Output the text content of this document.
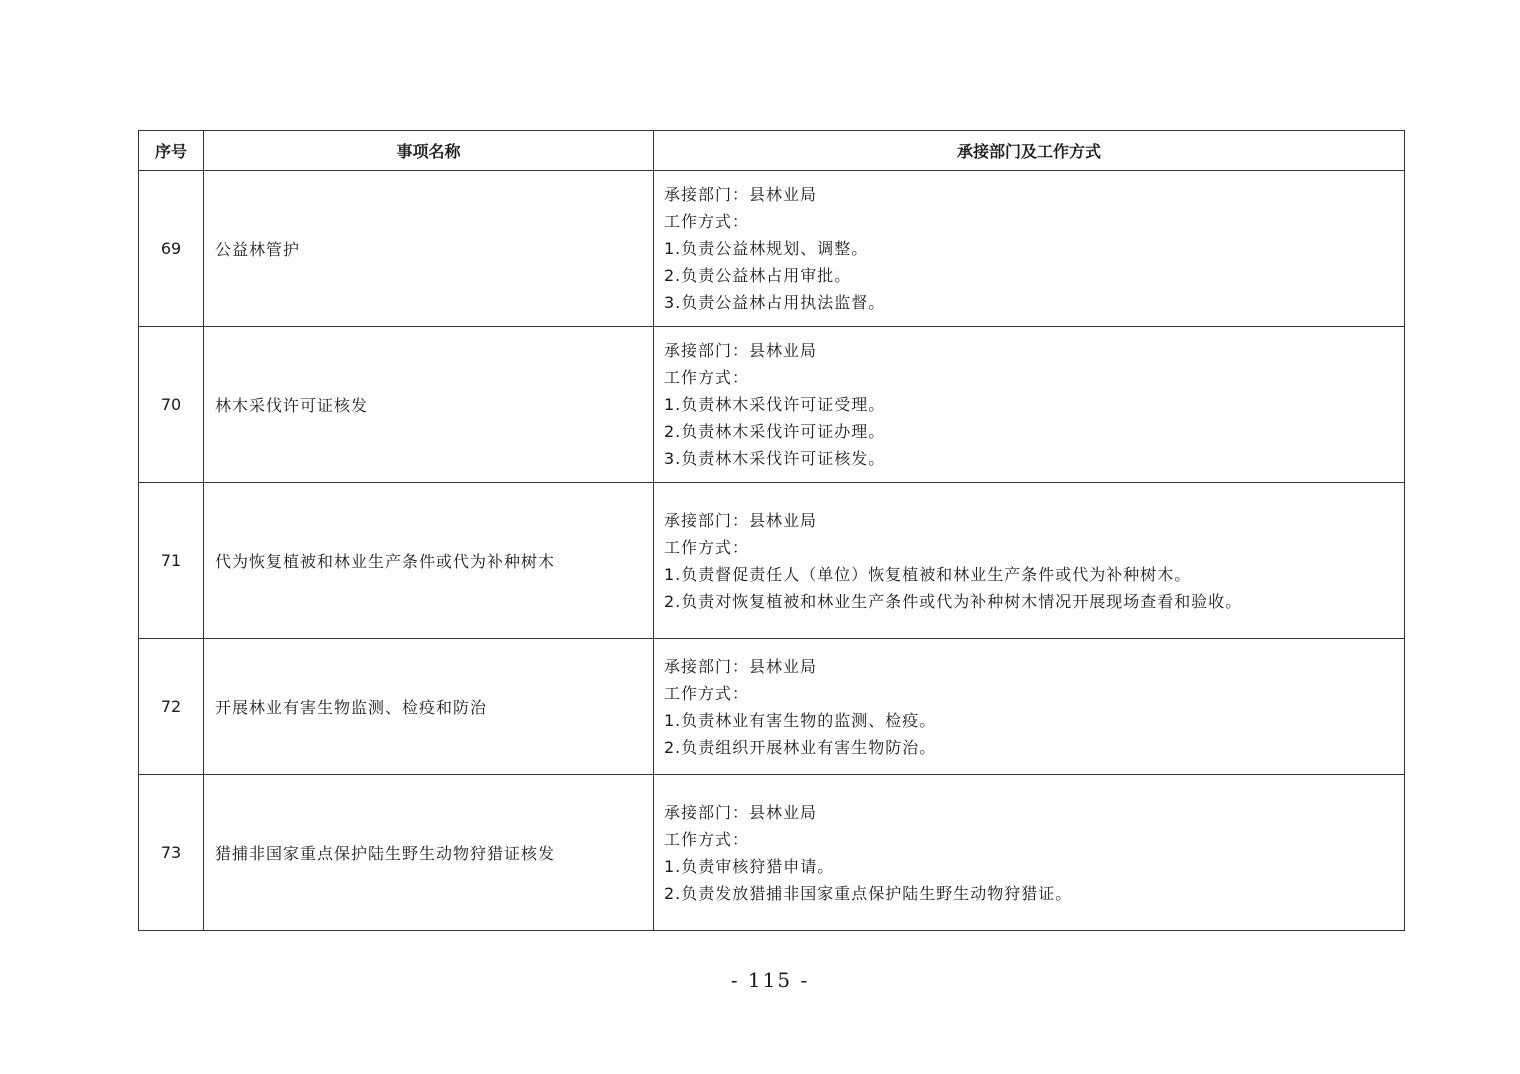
序号	事项名称	承接部门及工作方式
69	公益林管护	承接部门：县林业局
工作方式：
1.负责公益林规划、调整。
2.负责公益林占用审批。
3.负责公益林占用执法监督。

70	林木采伐许可证核发	承接部门：县林业局
工作方式：
1.负责林木采伐许可证受理。
2.负责林木采伐许可证办理。
3.负责林木采伐许可证核发。

71	代为恢复植被和林业生产条件或代为补种树木	承接部门：县林业局
工作方式：
1.负责督促责任人（单位）恢复植被和林业生产条件或代为补种树木。
2.负责对恢复植被和林业生产条件或代为补种树木情况开展现场查看和验收。

72	开展林业有害生物监测、检疫和防治	承接部门：县林业局
工作方式：
1.负责林业有害生物的监测、检疫。
2.负责组织开展林业有害生物防治。

73	猎捕非国家重点保护陆生野生动物狩猎证核发	承接部门：县林业局
工作方式：
1.负责审核狩猎申请。
2.负责发放猎捕非国家重点保护陆生野生动物狩猎证。
- 115 -
